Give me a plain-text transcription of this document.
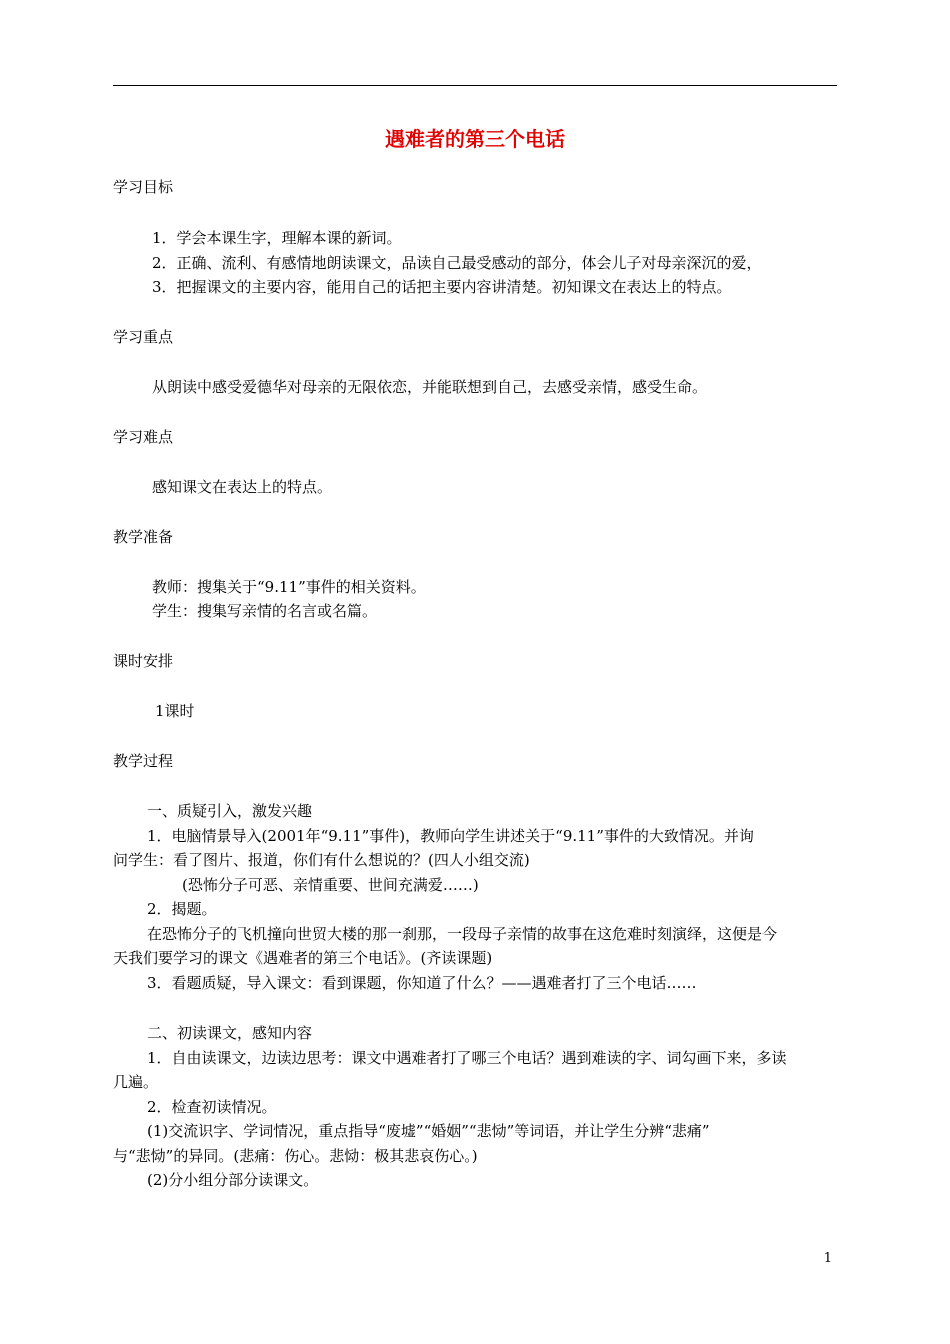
遇难者的第三个电话
学习目标
1．学会本课生字，理解本课的新词。
2．正确、流利、有感情地朗读课文，品读自己最受感动的部分，体会儿子对母亲深沉的爱，
3．把握课文的主要内容，能用自己的话把主要内容讲清楚。初知课文在表达上的特点。
学习重点
从朗读中感受爱德华对母亲的无限依恋，并能联想到自己，去感受亲情，感受生命。
学习难点
感知课文在表达上的特点。
教学准备
教师：搜集关于“9.11”事件的相关资料。
学生：搜集写亲情的名言或名篇。
课时安排
1课时
教学过程
一、质疑引入，激发兴趣
1．电脑情景导入(2001年“9.11”事件)，教师向学生讲述关于“9.11”事件的大致情况。并询
问学生：看了图片、报道，你们有什么想说的？(四人小组交流)
(恐怖分子可恶、亲情重要、世间充满爱……)
2．揭题。
在恐怖分子的飞机撞向世贸大楼的那一刹那，一段母子亲情的故事在这危难时刻演绎，这便是今
天我们要学习的课文《遇难者的第三个电话》。(齐读课题)
3．看题质疑，导入课文：看到课题，你知道了什么？——遇难者打了三个电话……
二、初读课文，感知内容
1．自由读课文，边读边思考：课文中遇难者打了哪三个电话？遇到难读的字、词勾画下来，多读
几遍。
2．检查初读情况。
(1)交流识字、学词情况，重点指导“废墟”“婚姻”“悲恸”等词语，并让学生分辨“悲痛”
与“悲恸”的异同。(悲痛：伤心。悲恸：极其悲哀伤心。)
(2)分小组分部分读课文。
1
